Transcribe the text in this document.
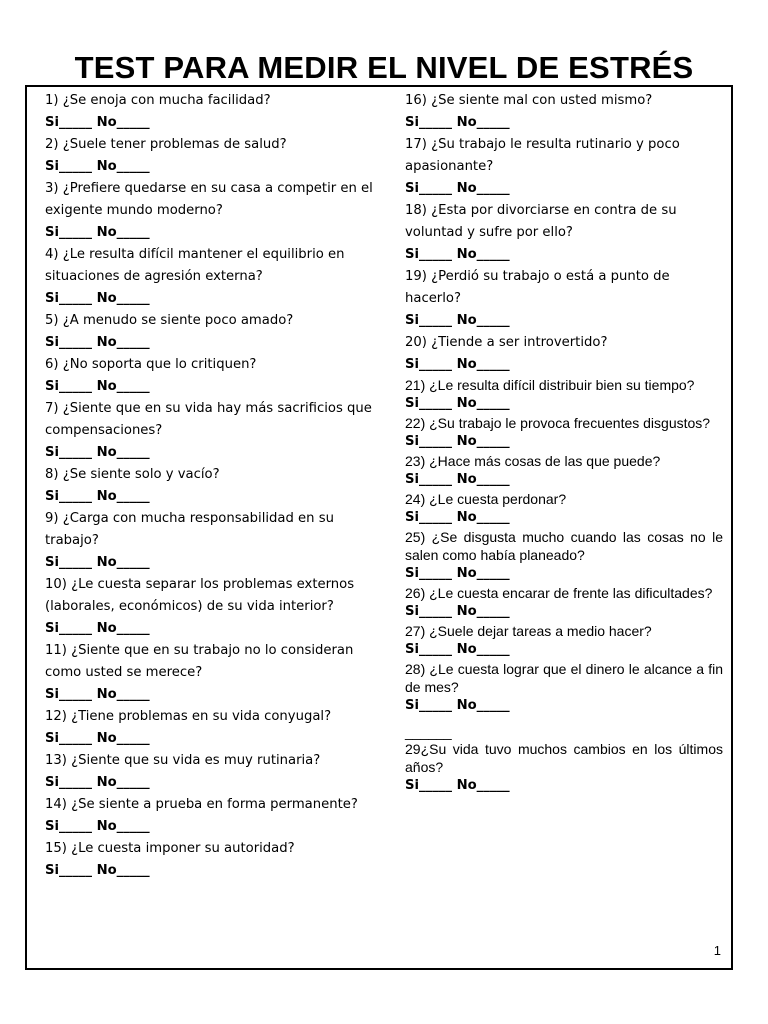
TEST PARA MEDIR EL NIVEL DE ESTRÉS
1) ¿Se enoja con mucha facilidad?
Si_____ No_____
2) ¿Suele tener problemas de salud?
Si_____ No_____
3) ¿Prefiere quedarse en su casa a competir en el exigente mundo moderno?
Si_____ No_____
4) ¿Le resulta difícil mantener el equilibrio en situaciones de agresión externa?
Si_____ No_____
5) ¿A menudo se siente poco amado?
Si_____ No_____
6) ¿No soporta que lo critiquen?
Si_____ No_____
7) ¿Siente que en su vida hay más sacrificios que compensaciones?
Si_____ No_____
8) ¿Se siente solo y vacío?
Si_____ No_____
9) ¿Carga con mucha responsabilidad en su trabajo?
Si_____ No_____
10) ¿Le cuesta separar los problemas externos (laborales, económicos) de su vida interior?
Si_____ No_____
11) ¿Siente que en su trabajo no lo consideran como usted se merece?
Si_____ No_____
12) ¿Tiene problemas en su vida conyugal?
Si_____ No_____
13) ¿Siente que su vida es muy rutinaria?
Si_____ No_____
14) ¿Se siente a prueba en forma permanente?
Si_____ No_____
15) ¿Le cuesta imponer su autoridad?
Si_____ No_____
16) ¿Se siente mal con usted mismo?
Si_____ No_____
17) ¿Su trabajo le resulta rutinario y poco apasionante?
Si_____ No_____
18) ¿Esta por divorciarse en contra de su voluntad y sufre por ello?
Si_____ No_____
19) ¿Perdió su trabajo o está a punto de hacerlo?
Si_____ No_____
20) ¿Tiende a ser introvertido?
Si_____ No_____
21) ¿Le resulta difícil distribuir bien su tiempo?
Si_____ No_____
22) ¿Su trabajo le provoca frecuentes disgustos?
Si_____ No_____
23) ¿Hace más cosas de las que puede?
Si_____ No_____
24) ¿Le cuesta perdonar?
Si_____ No_____
25) ¿Se disgusta mucho cuando las cosas no le salen como había planeado?
Si_____ No_____
26) ¿Le cuesta encarar de frente las dificultades?
Si_____ No_____
27) ¿Suele dejar tareas a medio hacer?
Si_____ No_____
28) ¿Le cuesta lograr que el dinero le alcance a fin de mes?
Si_____ No_____
______
29¿Su vida tuvo muchos cambios en los últimos años?
Si_____ No_____
1
